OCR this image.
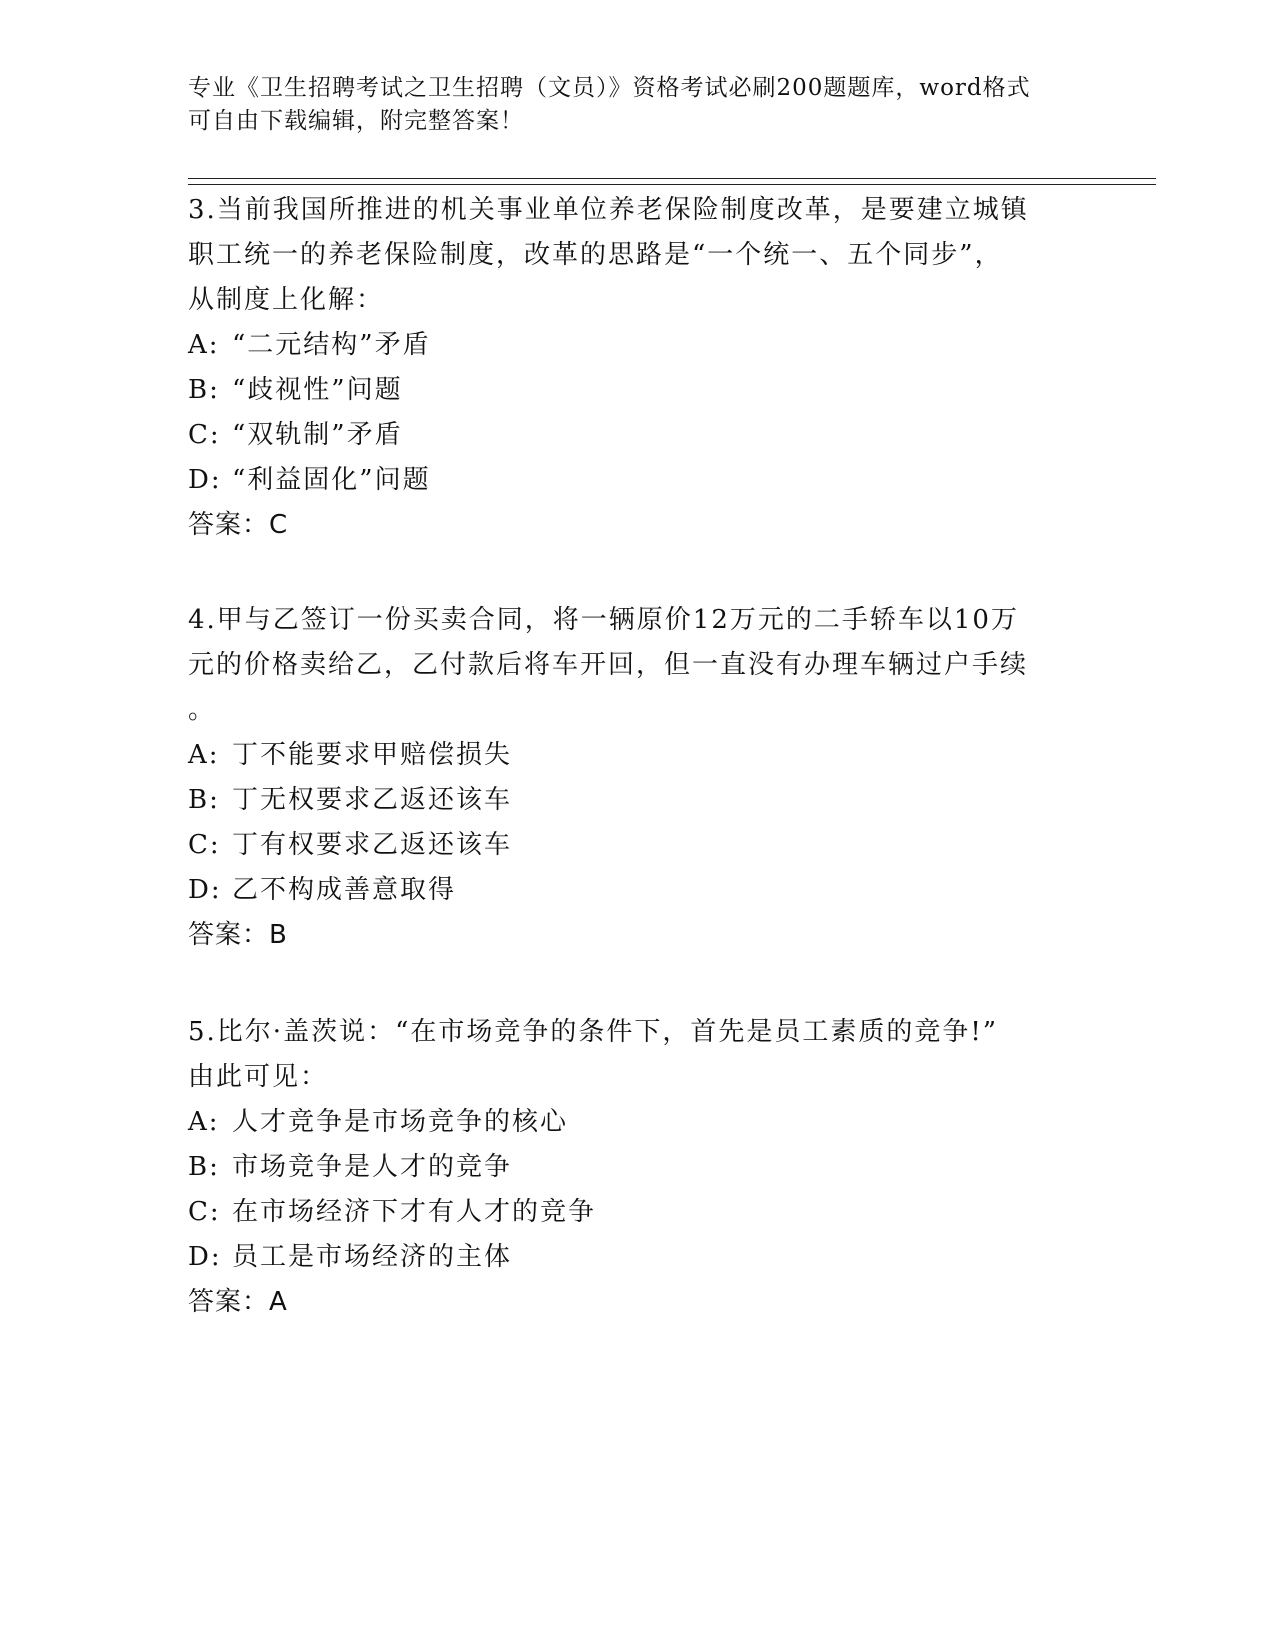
专业《卫生招聘考试之卫生招聘（文员）》资格考试必刷200题题库，word格式
可自由下载编辑，附完整答案！
3.当前我国所推进的机关事业单位养老保险制度改革，是要建立城镇
职工统一的养老保险制度，改革的思路是“一个统一、五个同步”，
从制度上化解：
A: “二元结构”矛盾
B: “歧视性”问题
C: “双轨制”矛盾
D: “利益固化”问题
答案：C
4.甲与乙签订一份买卖合同，将一辆原价12万元的二手轿车以10万
元的价格卖给乙，乙付款后将车开回，但一直没有办理车辆过户手续
。
A: 丁不能要求甲赔偿损失
B: 丁无权要求乙返还该车
C: 丁有权要求乙返还该车
D: 乙不构成善意取得
答案：B
5.比尔·盖茨说：“在市场竞争的条件下，首先是员工素质的竞争!”
由此可见：
A: 人才竞争是市场竞争的核心
B: 市场竞争是人才的竞争
C: 在市场经济下才有人才的竞争
D: 员工是市场经济的主体
答案：A
